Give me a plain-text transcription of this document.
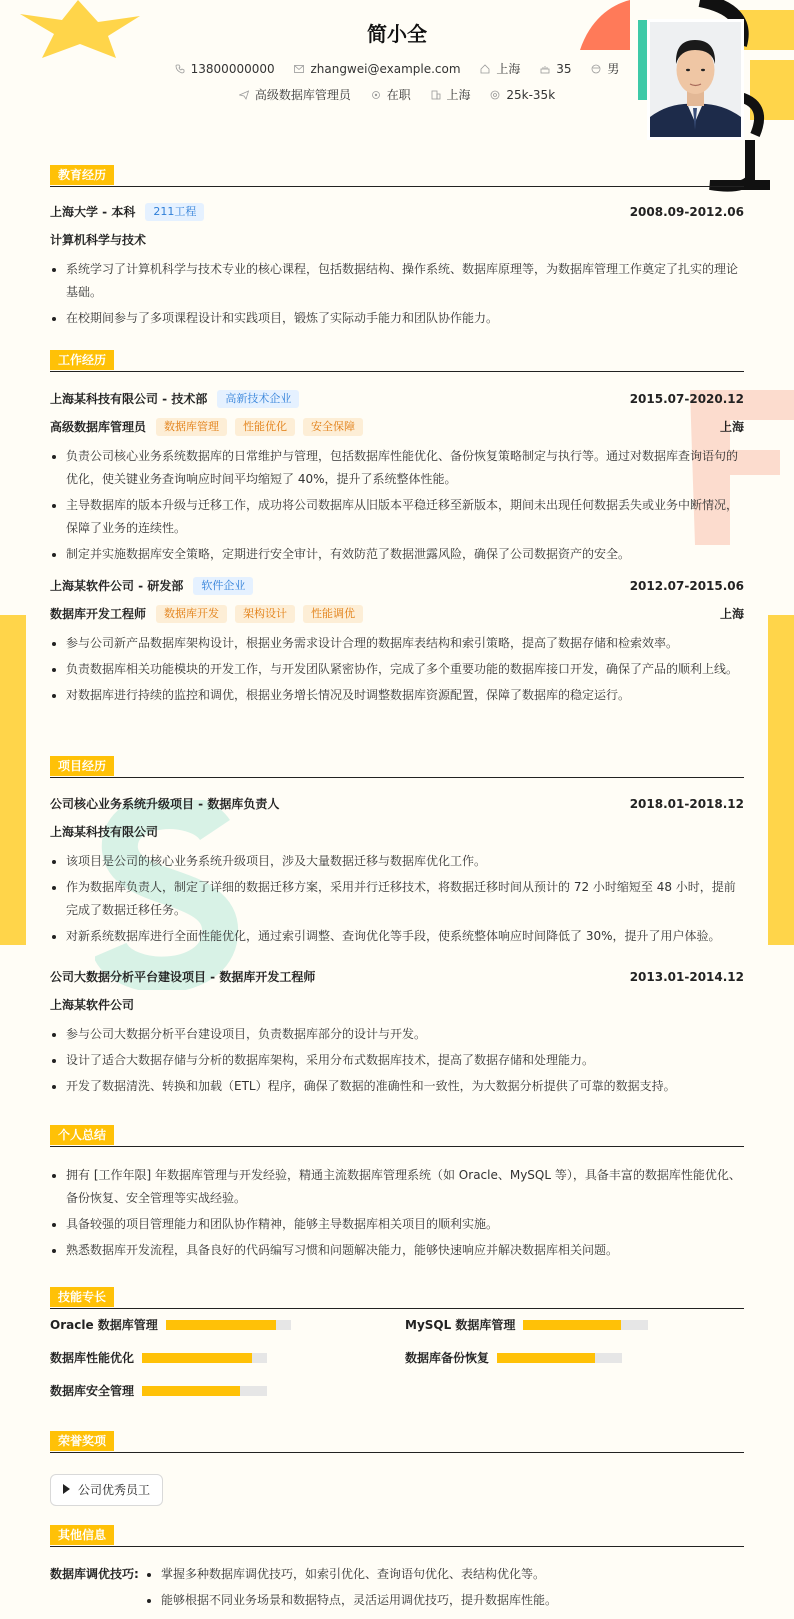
简小全
13800000000	zhangwei@example.com	上海	35	男
高级数据库管理员	在职	上海	25k-35k
教育经历
上海大学 - 本科 211工程	2008.09-2012.06
计算机科学与技术
系统学习了计算机科学与技术专业的核心课程，包括数据结构、操作系统、数据库原理等，为数据库管理工作奠定了扎实的理论基础。
在校期间参与了多项课程设计和实践项目，锻炼了实际动手能力和团队协作能力。
工作经历
上海某科技有限公司 - 技术部 高新技术企业	2015.07-2020.12
高级数据库管理员 数据库管理 性能优化 安全保障	上海
负责公司核心业务系统数据库的日常维护与管理，包括数据库性能优化、备份恢复策略制定与执行等。通过对数据库查询语句的优化，使关键业务查询响应时间平均缩短了 40%，提升了系统整体性能。
主导数据库的版本升级与迁移工作，成功将公司数据库从旧版本平稳迁移至新版本，期间未出现任何数据丢失或业务中断情况，保障了业务的连续性。
制定并实施数据库安全策略，定期进行安全审计，有效防范了数据泄露风险，确保了公司数据资产的安全。
上海某软件公司 - 研发部 软件企业	2012.07-2015.06
数据库开发工程师 数据库开发 架构设计 性能调优	上海
参与公司新产品数据库架构设计，根据业务需求设计合理的数据库表结构和索引策略，提高了数据存储和检索效率。
负责数据库相关功能模块的开发工作，与开发团队紧密协作，完成了多个重要功能的数据库接口开发，确保了产品的顺利上线。
对数据库进行持续的监控和调优，根据业务增长情况及时调整数据库资源配置，保障了数据库的稳定运行。
项目经历
公司核心业务系统升级项目 - 数据库负责人	2018.01-2018.12
上海某科技有限公司
该项目是公司的核心业务系统升级项目，涉及大量数据迁移与数据库优化工作。
作为数据库负责人，制定了详细的数据迁移方案，采用并行迁移技术，将数据迁移时间从预计的 72 小时缩短至 48 小时，提前完成了数据迁移任务。
对新系统数据库进行全面性能优化，通过索引调整、查询优化等手段，使系统整体响应时间降低了 30%，提升了用户体验。
公司大数据分析平台建设项目 - 数据库开发工程师	2013.01-2014.12
上海某软件公司
参与公司大数据分析平台建设项目，负责数据库部分的设计与开发。
设计了适合大数据存储与分析的数据库架构，采用分布式数据库技术，提高了数据存储和处理能力。
开发了数据清洗、转换和加载（ETL）程序，确保了数据的准确性和一致性，为大数据分析提供了可靠的数据支持。
个人总结
拥有 [工作年限] 年数据库管理与开发经验，精通主流数据库管理系统（如 Oracle、MySQL 等），具备丰富的数据库性能优化、备份恢复、安全管理等实战经验。
具备较强的项目管理能力和团队协作精神，能够主导数据库相关项目的顺利实施。
熟悉数据库开发流程，具备良好的代码编写习惯和问题解决能力，能够快速响应并解决数据库相关问题。
技能专长
Oracle 数据库管理	MySQL 数据库管理
数据库性能优化	数据库备份恢复
数据库安全管理
荣誉奖项
公司优秀员工
其他信息
数据库调优技巧:	掌握多种数据库调优技巧，如索引优化、查询语句优化、表结构优化等。
能够根据不同业务场景和数据特点，灵活运用调优技巧，提升数据库性能。
